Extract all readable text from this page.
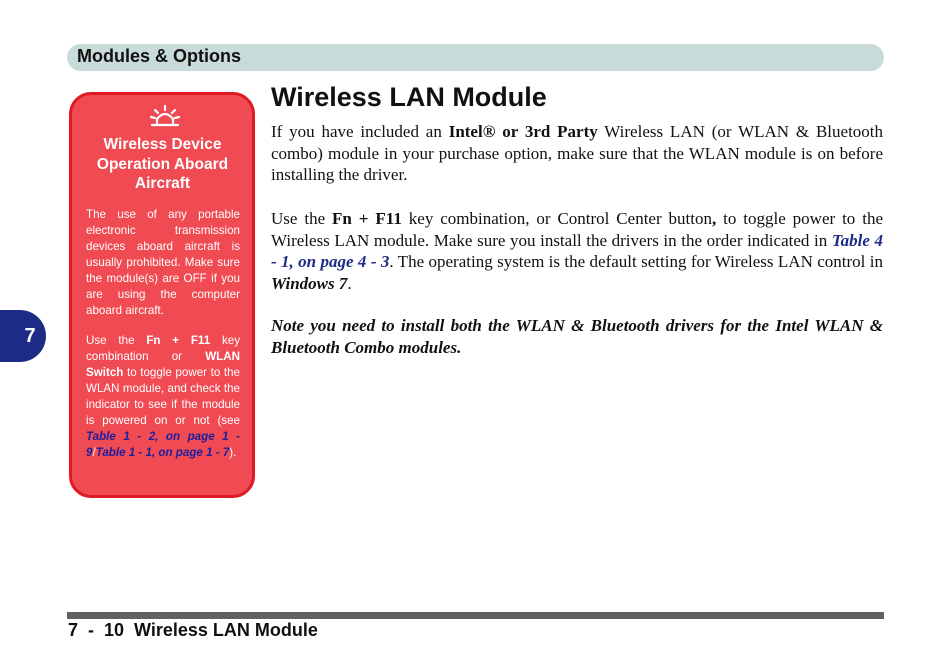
Modules & Options
7
Wireless Device Operation Aboard Aircraft
The use of any portable electronic transmission devices aboard aircraft is usually prohibited. Make sure the module(s) are OFF if you are using the computer aboard aircraft.
Use the Fn + F11 key combination or WLAN Switch to toggle power to the WLAN module, and check the indicator to see if the module is powered on or not (see Table 1 - 2, on page 1 - 9/Table 1 - 1, on page 1 - 7).
Wireless LAN Module
If you have included an Intel® or 3rd Party Wireless LAN (or WLAN & Bluetooth combo) module in your purchase option, make sure that the WLAN module is on before installing the driver.
Use the Fn + F11 key combination, or Control Center button, to toggle power to the Wireless LAN module. Make sure you install the drivers in the order indicated in Table 4 - 1, on page 4 - 3. The operating system is the default setting for Wireless LAN control in Windows 7.
Note you need to install both the WLAN & Bluetooth drivers for the Intel WLAN & Bluetooth Combo modules.
7  -  10  Wireless LAN Module
